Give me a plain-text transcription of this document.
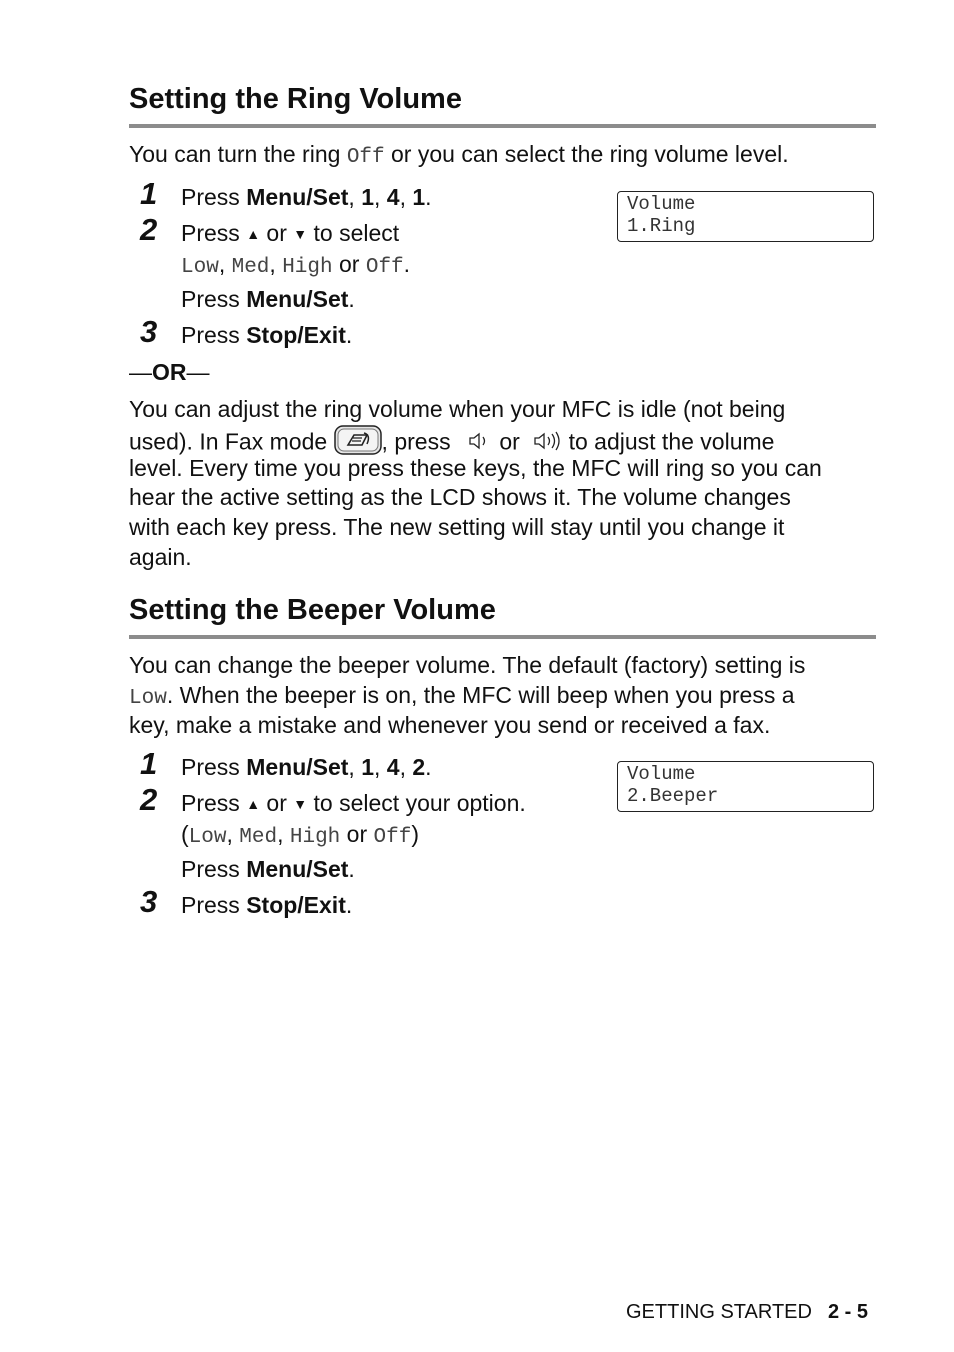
Setting the Ring Volume

You can turn the ring Off or you can select the ring volume level.

1 Press Menu/Set, 1, 4, 1.
2 Press ▲ or ▼ to select
Low, Med, High or Off.
Press Menu/Set.
3 Press Stop/Exit.
Volume
1.Ring
—OR—
You can adjust the ring volume when your MFC is idle (not being
used). In Fax mode , press  or  to adjust the volume
level. Every time you press these keys, the MFC will ring so you can
hear the active setting as the LCD shows it. The volume changes
with each key press. The new setting will stay until you change it
again.
Setting the Beeper Volume
You can change the beeper volume. The default (factory) setting is
Low. When the beeper is on, the MFC will beep when you press a
key, make a mistake and whenever you send or received a fax.
1 Press Menu/Set, 1, 4, 2.
2 Press ▲ or ▼ to select your option.
(Low, Med, High or Off)
Press Menu/Set.
3 Press Stop/Exit.
Volume
2.Beeper
GETTING STARTED 2 - 5
